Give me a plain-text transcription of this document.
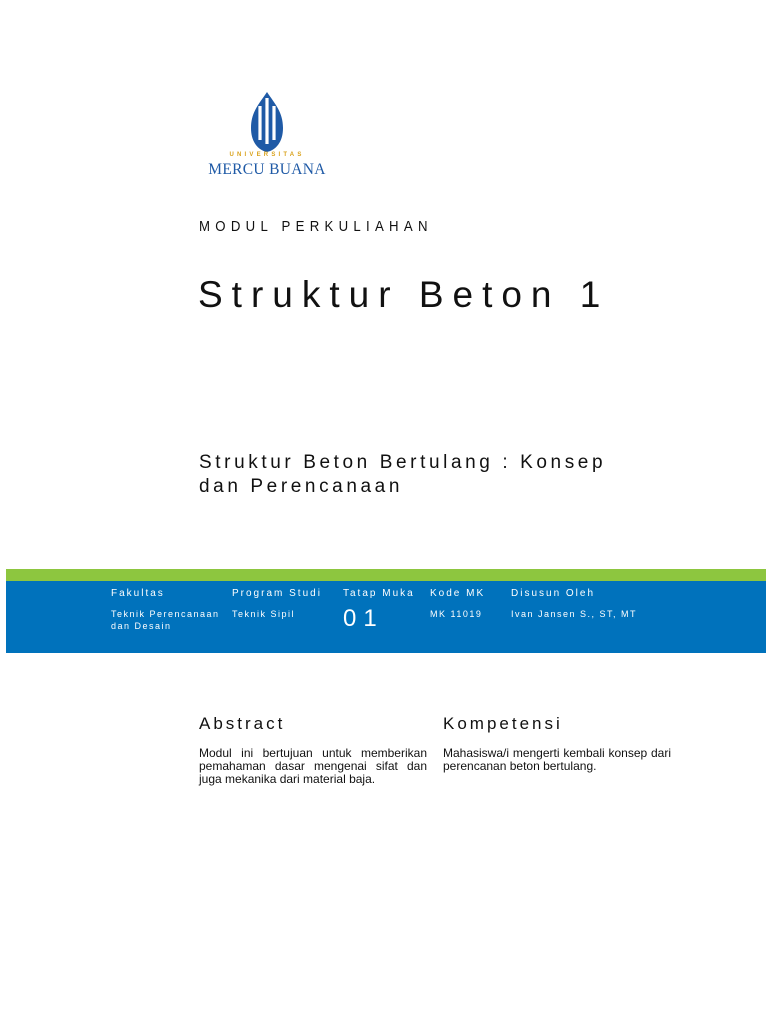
UNIVERSITAS
MERCU BUANA
MODUL PERKULIAHAN
Struktur Beton 1
Struktur Beton Bertulang : Konsep dan Perencanaan
Fakultas
Teknik Perencanaan dan Desain
Program Studi
Teknik Sipil
Tatap Muka
01
Kode MK
MK 11019
Disusun Oleh
Ivan Jansen S., ST, MT
Abstract
Modul ini bertujuan untuk memberikan pemahaman dasar mengenai sifat dan juga mekanika dari material baja.
Kompetensi
Mahasiswa/i mengerti kembali konsep dari perencanan beton bertulang.
